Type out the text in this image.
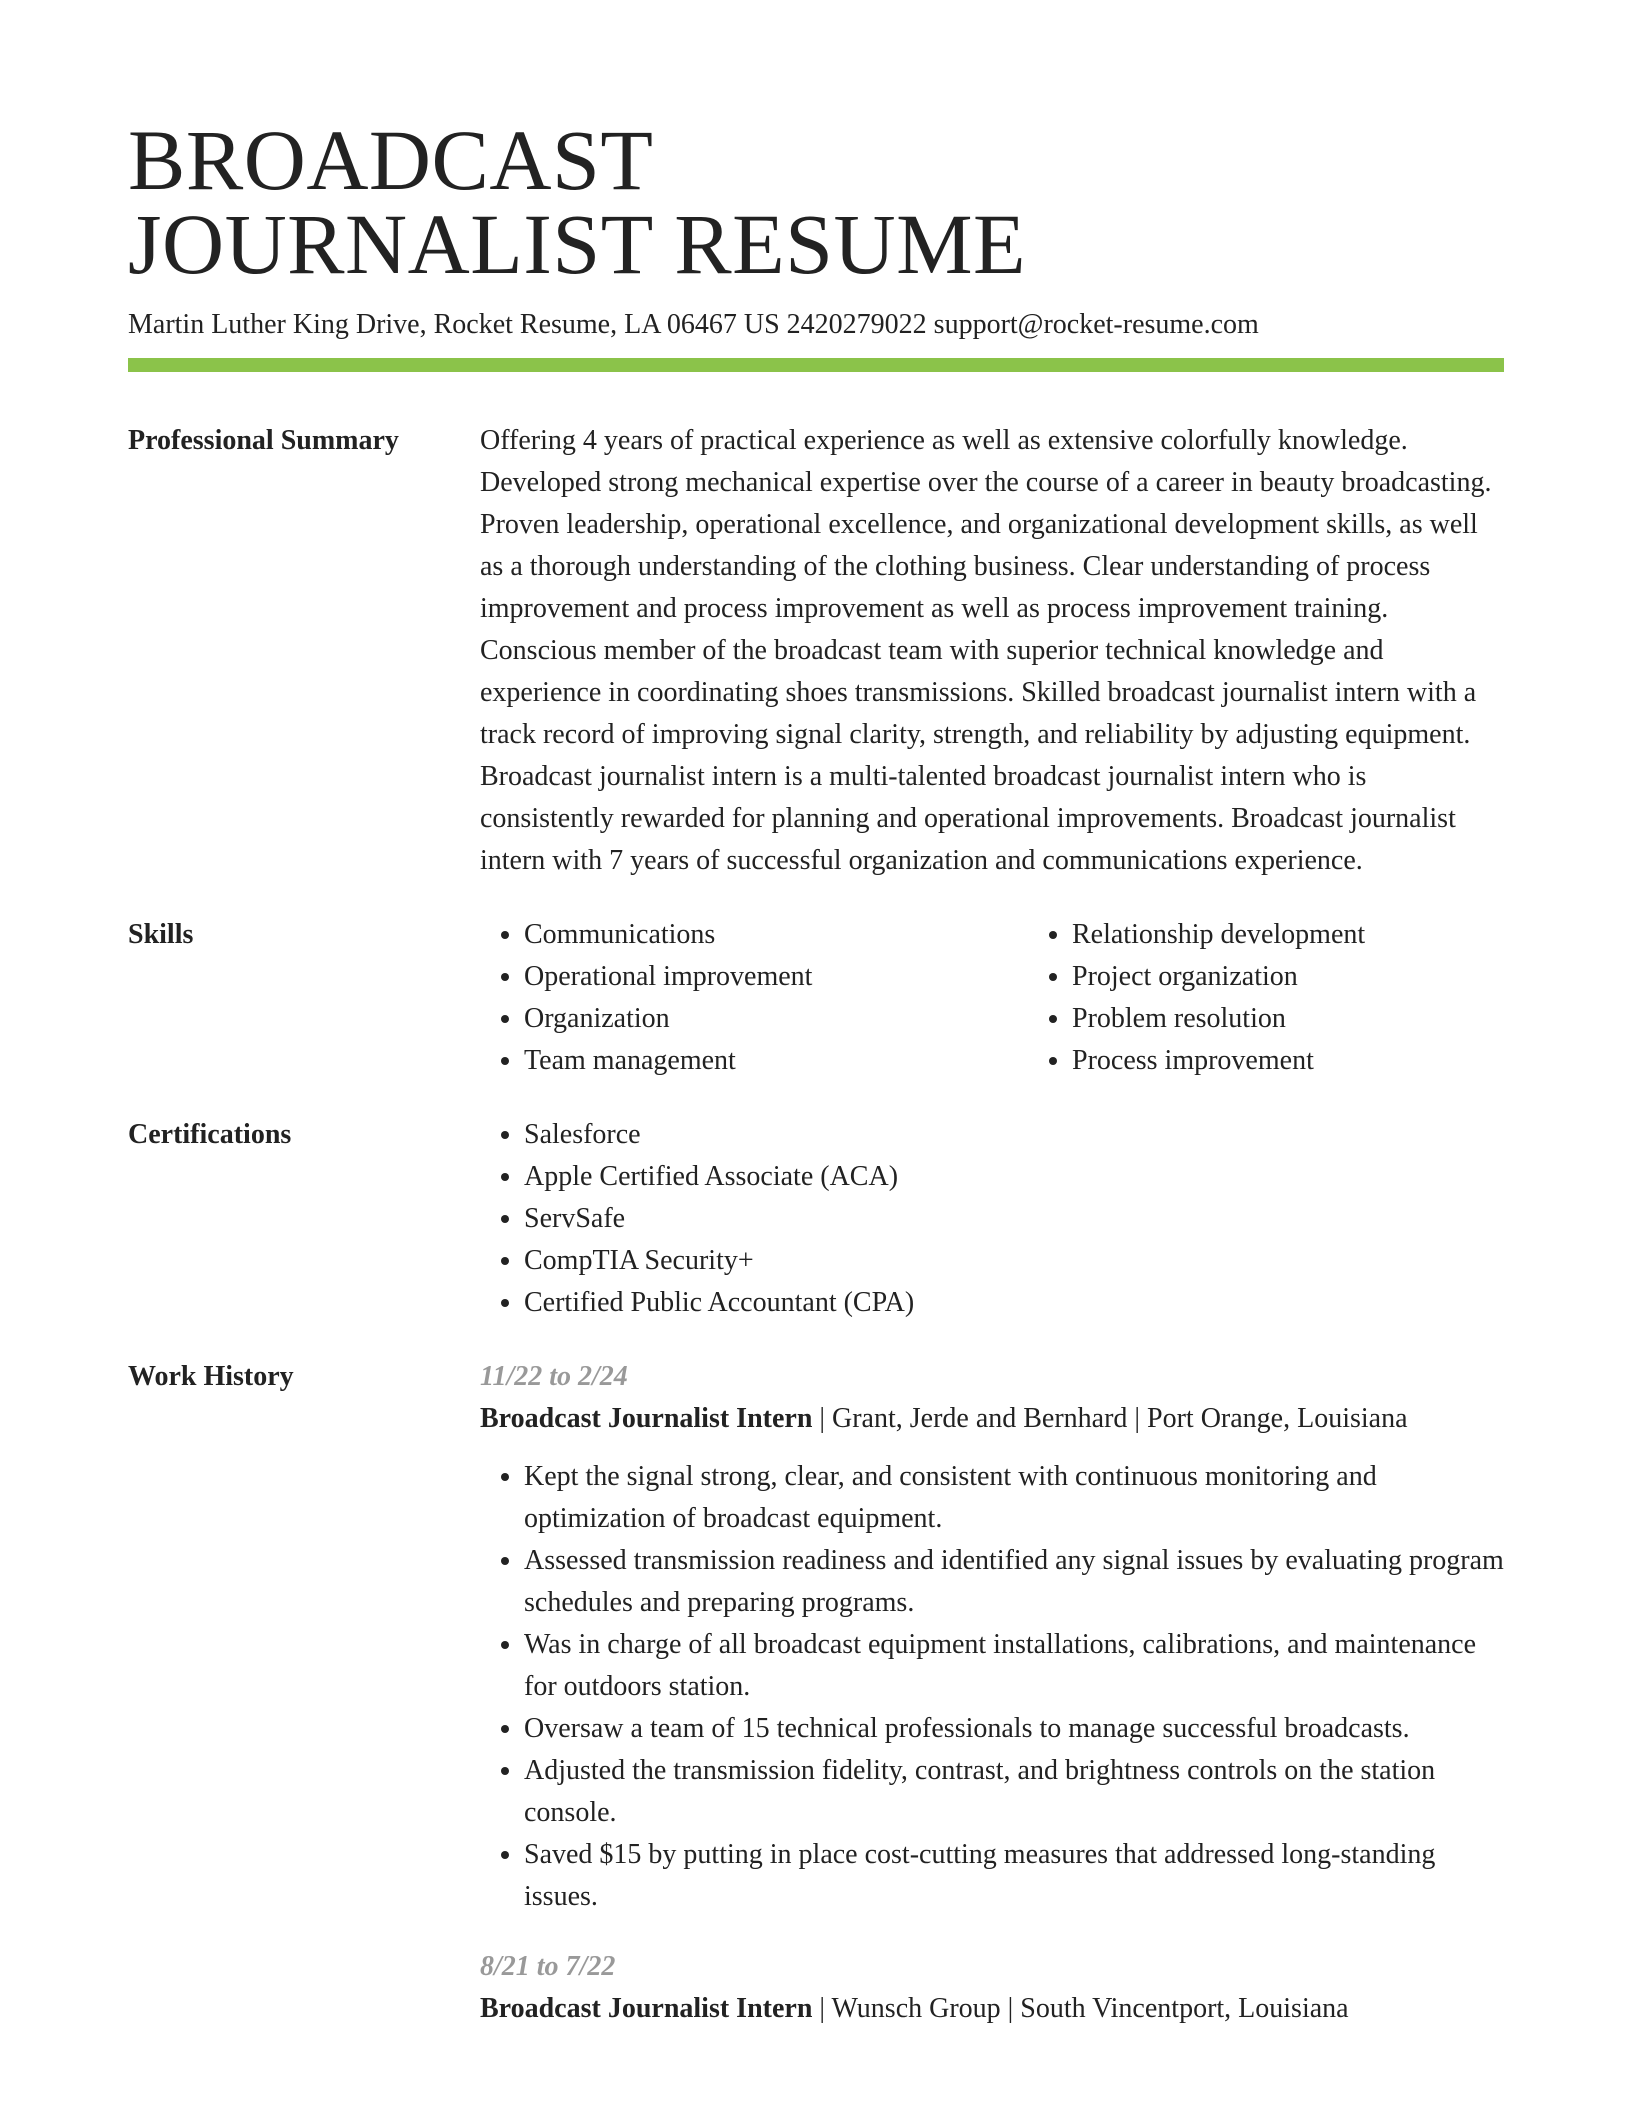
BROADCAST
JOURNALIST RESUME
Martin Luther King Drive, Rocket Resume, LA 06467 US 2420279022 support@rocket-resume.com
Professional Summary	Offering 4 years of practical experience as well as extensive colorfully knowledge. Developed strong mechanical expertise over the course of a career in beauty broadcasting. Proven leadership, operational excellence, and organizational development skills, as well as a thorough understanding of the clothing business. Clear understanding of process improvement and process improvement as well as process improvement training. Conscious member of the broadcast team with superior technical knowledge and experience in coordinating shoes transmissions. Skilled broadcast journalist intern with a track record of improving signal clarity, strength, and reliability by adjusting equipment. Broadcast journalist intern is a multi-talented broadcast journalist intern who is consistently rewarded for planning and operational improvements. Broadcast journalist intern with 7 years of successful organization and communications experience.
Skills	• Communications
• Operational improvement
• Organization
• Team management
• Relationship development
• Project organization
• Problem resolution
• Process improvement
Certifications	• Salesforce
• Apple Certified Associate (ACA)
• ServSafe
• CompTIA Security+
• Certified Public Accountant (CPA)
Work History	11/22 to 2/24
Broadcast Journalist Intern | Grant, Jerde and Bernhard | Port Orange, Louisiana
• Kept the signal strong, clear, and consistent with continuous monitoring and optimization of broadcast equipment.
• Assessed transmission readiness and identified any signal issues by evaluating program schedules and preparing programs.
• Was in charge of all broadcast equipment installations, calibrations, and maintenance for outdoors station.
• Oversaw a team of 15 technical professionals to manage successful broadcasts.
• Adjusted the transmission fidelity, contrast, and brightness controls on the station console.
• Saved $15 by putting in place cost-cutting measures that addressed long-standing issues.
8/21 to 7/22
Broadcast Journalist Intern | Wunsch Group | South Vincentport, Louisiana
